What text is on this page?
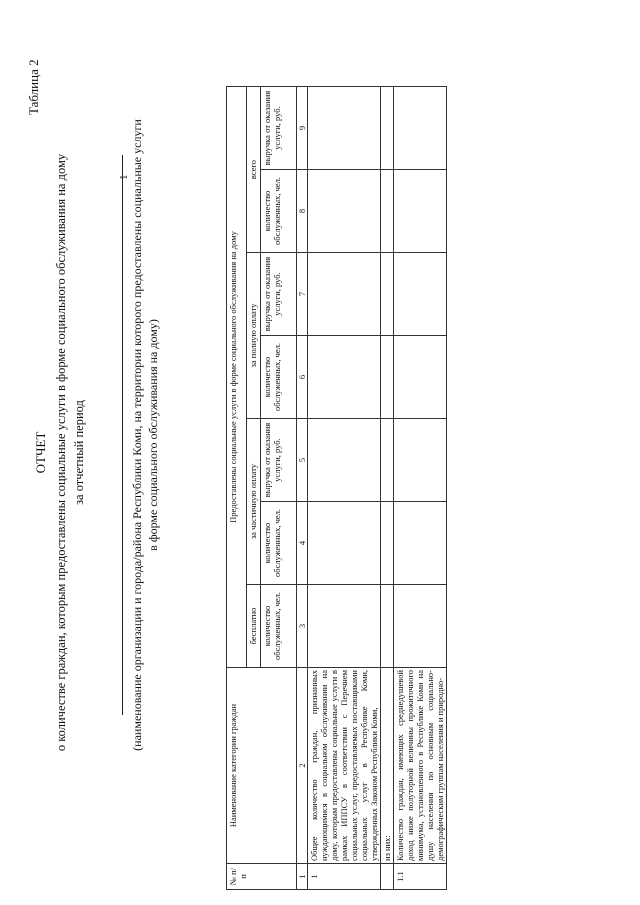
Таблица 2
ОТЧЕТ о количестве граждан, которым предоставлены социальные услуги в форме социального обслуживания на дому за отчетный период
1 (наименование организации и города/района Республики Коми, на территории которого предоставлены социальные услуги в форме социального обслуживания на дому)
№ п/п	Наименование категории граждан	Предоставлены социальные услуги в форме социального обслуживания на дому						
		бесплатно	за частичную оплату		за полную оплату		всего	
		количество обслуженных, чел.	количество обслуженных, чел.	выручка от оказания услуги, руб.	количество обслуженных, чел.	выручка от оказания услуги, руб.	количество обслуженных, чел.	выручка от оказания услуги, руб.
1	2	3	4	5	6	7	8	9
1	Общее количество граждан, признанных нуждающимися в социальном обслуживании на дому, которым предоставлены социальные услуги в рамках ИППСУ в соответствии с Перечнем социальных услуг, предоставляемых поставщиками социальных услуг в Республике Коми, утвержденных Законом Республики Коми,							
	из них:							
1.1	Количество граждан, имеющих среднедушевой доход ниже полуторной величины прожиточного минимума, установленного в Республике Коми на душу населения по основным социально-демографическим группам населения и природно-							
